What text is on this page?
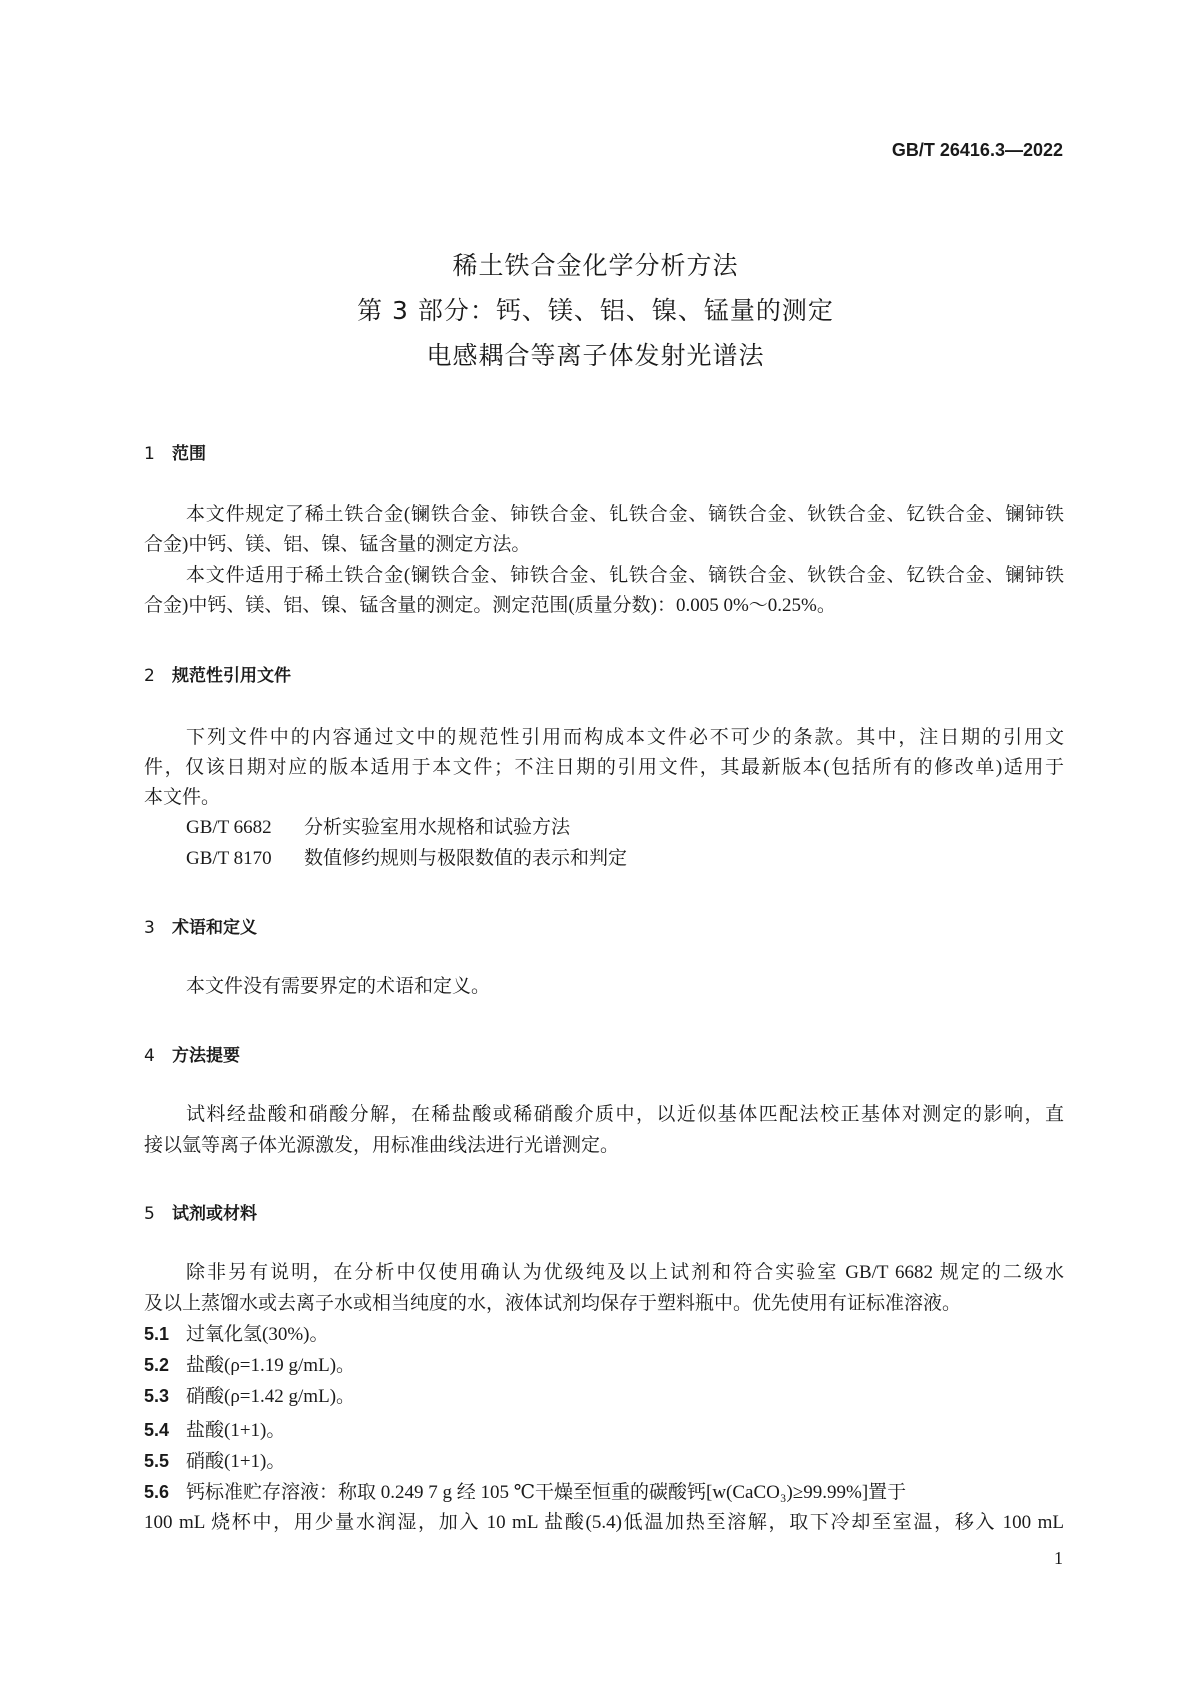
GB/T 26416.3—2022
稀土铁合金化学分析方法
第 3 部分：钙、镁、铝、镍、锰量的测定
电感耦合等离子体发射光谱法
1 范围
本文件规定了稀土铁合金(镧铁合金、铈铁合金、钆铁合金、镝铁合金、钬铁合金、钇铁合金、镧铈铁
合金)中钙、镁、铝、镍、锰含量的测定方法。
本文件适用于稀土铁合金(镧铁合金、铈铁合金、钆铁合金、镝铁合金、钬铁合金、钇铁合金、镧铈铁
合金)中钙、镁、铝、镍、锰含量的测定。测定范围(质量分数)：0.005 0%～0.25%。
2 规范性引用文件
下列文件中的内容通过文中的规范性引用而构成本文件必不可少的条款。其中，注日期的引用文
件，仅该日期对应的版本适用于本文件；不注日期的引用文件，其最新版本(包括所有的修改单)适用于
本文件。
GB/T 6682 分析实验室用水规格和试验方法
GB/T 8170 数值修约规则与极限数值的表示和判定
3 术语和定义
本文件没有需要界定的术语和定义。
4 方法提要
试料经盐酸和硝酸分解，在稀盐酸或稀硝酸介质中，以近似基体匹配法校正基体对测定的影响，直
接以氩等离子体光源激发，用标准曲线法进行光谱测定。
5 试剂或材料
除非另有说明，在分析中仅使用确认为优级纯及以上试剂和符合实验室 GB/T 6682 规定的二级水
及以上蒸馏水或去离子水或相当纯度的水，液体试剂均保存于塑料瓶中。优先使用有证标准溶液。
5.1 过氧化氢(30%)。
5.2 盐酸(ρ=1.19 g/mL)。
5.3 硝酸(ρ=1.42 g/mL)。
5.4 盐酸(1+1)。
5.5 硝酸(1+1)。
5.6 钙标准贮存溶液：称取 0.249 7 g 经 105 ℃干燥至恒重的碳酸钙[w(CaCO₃)≥99.99%]置于
100 mL 烧杯中，用少量水润湿，加入 10 mL 盐酸(5.4)低温加热至溶解，取下冷却至室温，移入 100 mL
1
